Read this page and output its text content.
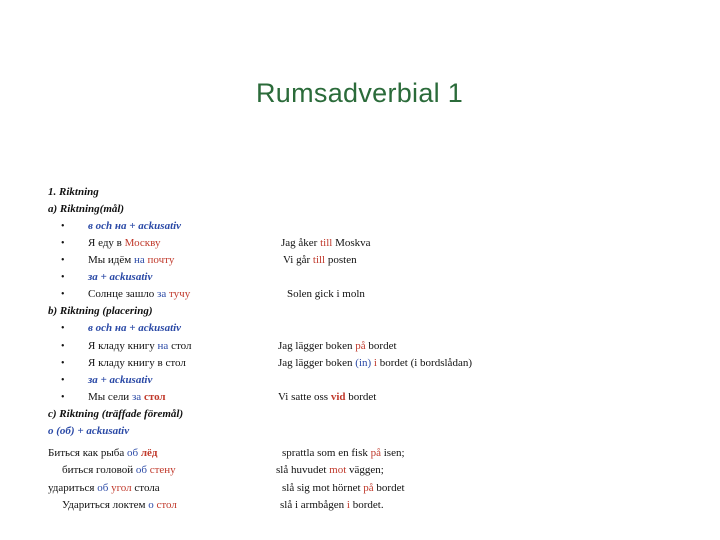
Rumsadverbial 1
1. Riktning
a) Riktning(mål)
• в och на + ackusativ
• Я еду в Москву	Jag åker till Moskva
• Мы идём на почту	Vi går till posten
• за + ackusativ
• Солнце зашло за тучу	Solen gick i moln
b) Riktning (placering)
• в och на + ackusativ
• Я кладу книгу на стол	Jag lägger boken på bordet
• Я кладу книгу в стол	Jag lägger boken (in) i bordet (i bordslådan)
• за + ackusativ
• Мы сели за стол	Vi satte oss vid bordet
c) Riktning (träffade föremål)
о (об) + ackusativ
Биться как рыба об лёд	sprattla som en fisk på isen;
биться головой об стену	slå huvudet mot väggen;
удариться об угол стола	slå sig mot hörnet på bordet
Удариться локтем о стол	slå i armbågen i bordet.
